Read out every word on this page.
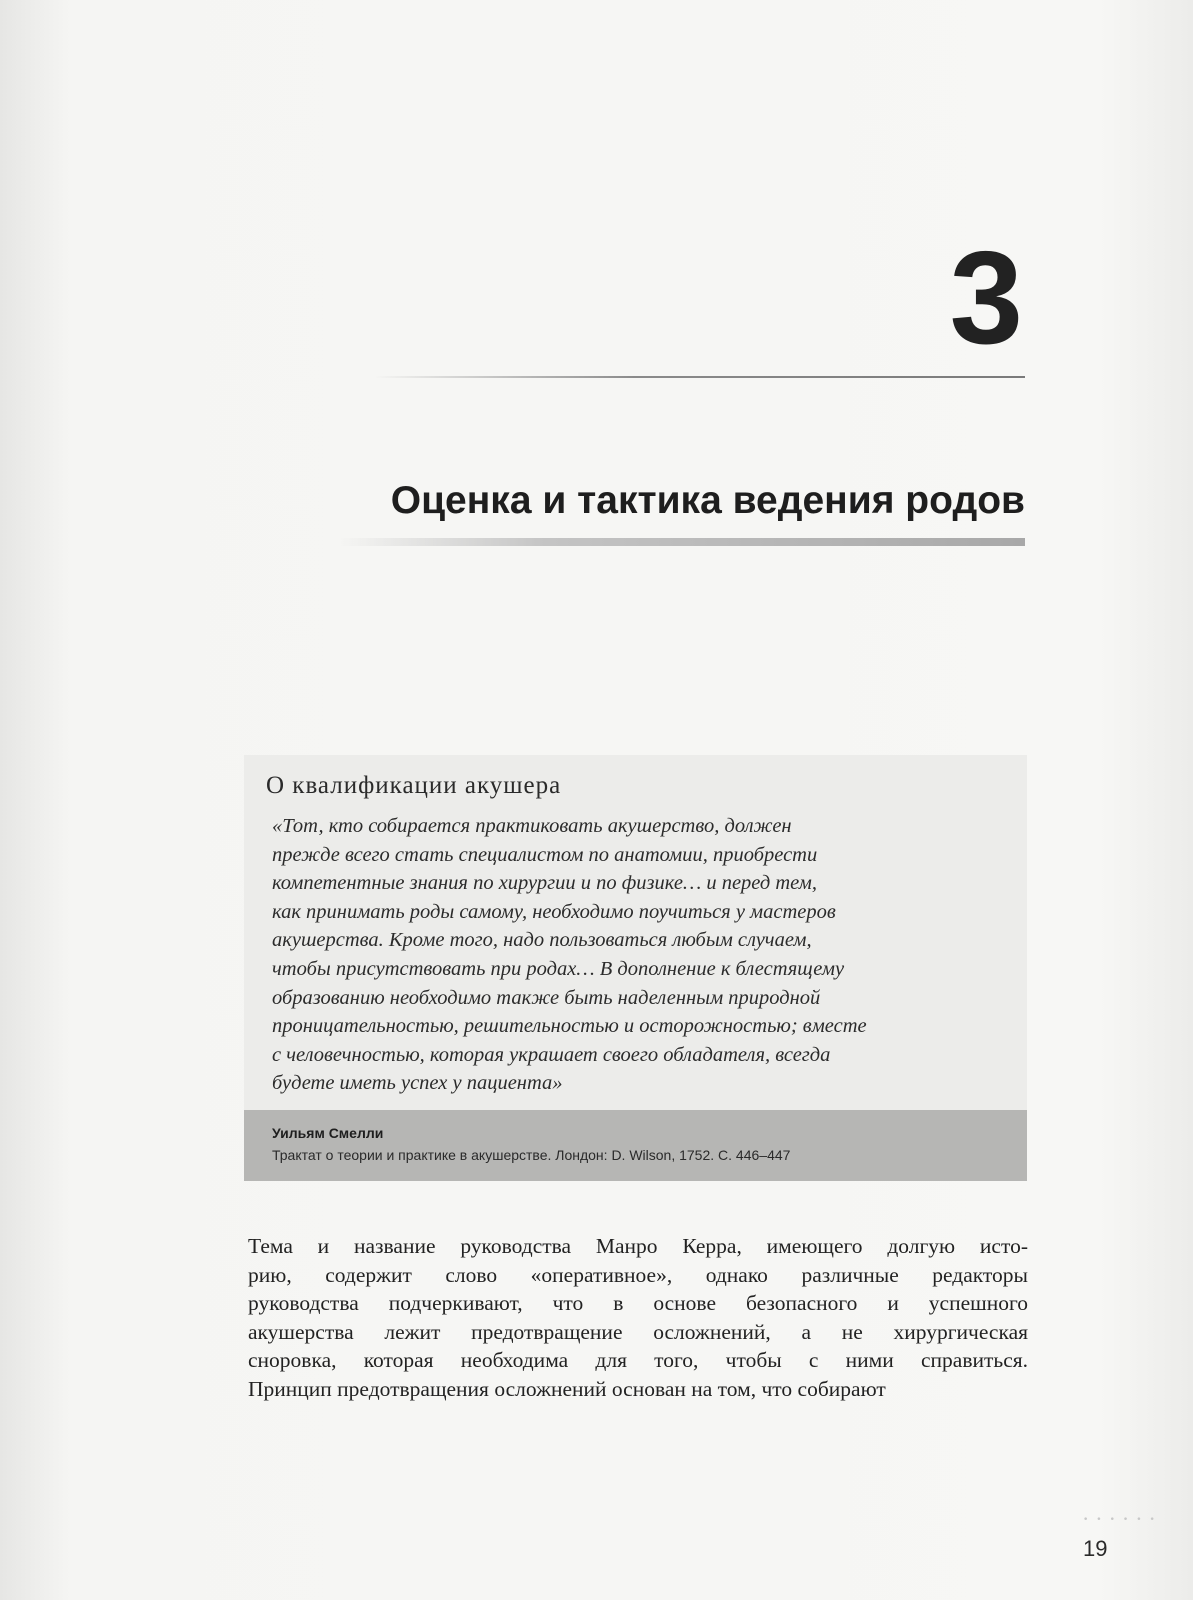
3
Оценка и тактика ведения родов
О квалификации акушера
«Тот, кто собирается практиковать акушерство, должен
прежде всего стать специалистом по анатомии, приобрести
компетентные знания по хирургии и по физике… и перед тем,
как принимать роды самому, необходимо поучиться у мастеров
акушерства. Кроме того, надо пользоваться любым случаем,
чтобы присутствовать при родах… В дополнение к блестящему
образованию необходимо также быть наделенным природной
проницательностью, решительностью и осторожностью; вместе
с человечностью, которая украшает своего обладателя, всегда
будете иметь успех у пациента»
Уильям Смелли
Трактат о теории и практике в акушерстве. Лондон: D. Wilson, 1752. С. 446–447
Тема и название руководства Манро Керра, имеющего долгую исто-
рию, содержит слово «оперативное», однако различные редакторы
руководства подчеркивают, что в основе безопасного и успешного
акушерства лежит предотвращение осложнений, а не хирургическая
сноровка, которая необходима для того, чтобы с ними справиться.
Принцип предотвращения осложнений основан на том, что собирают
••••••
19
